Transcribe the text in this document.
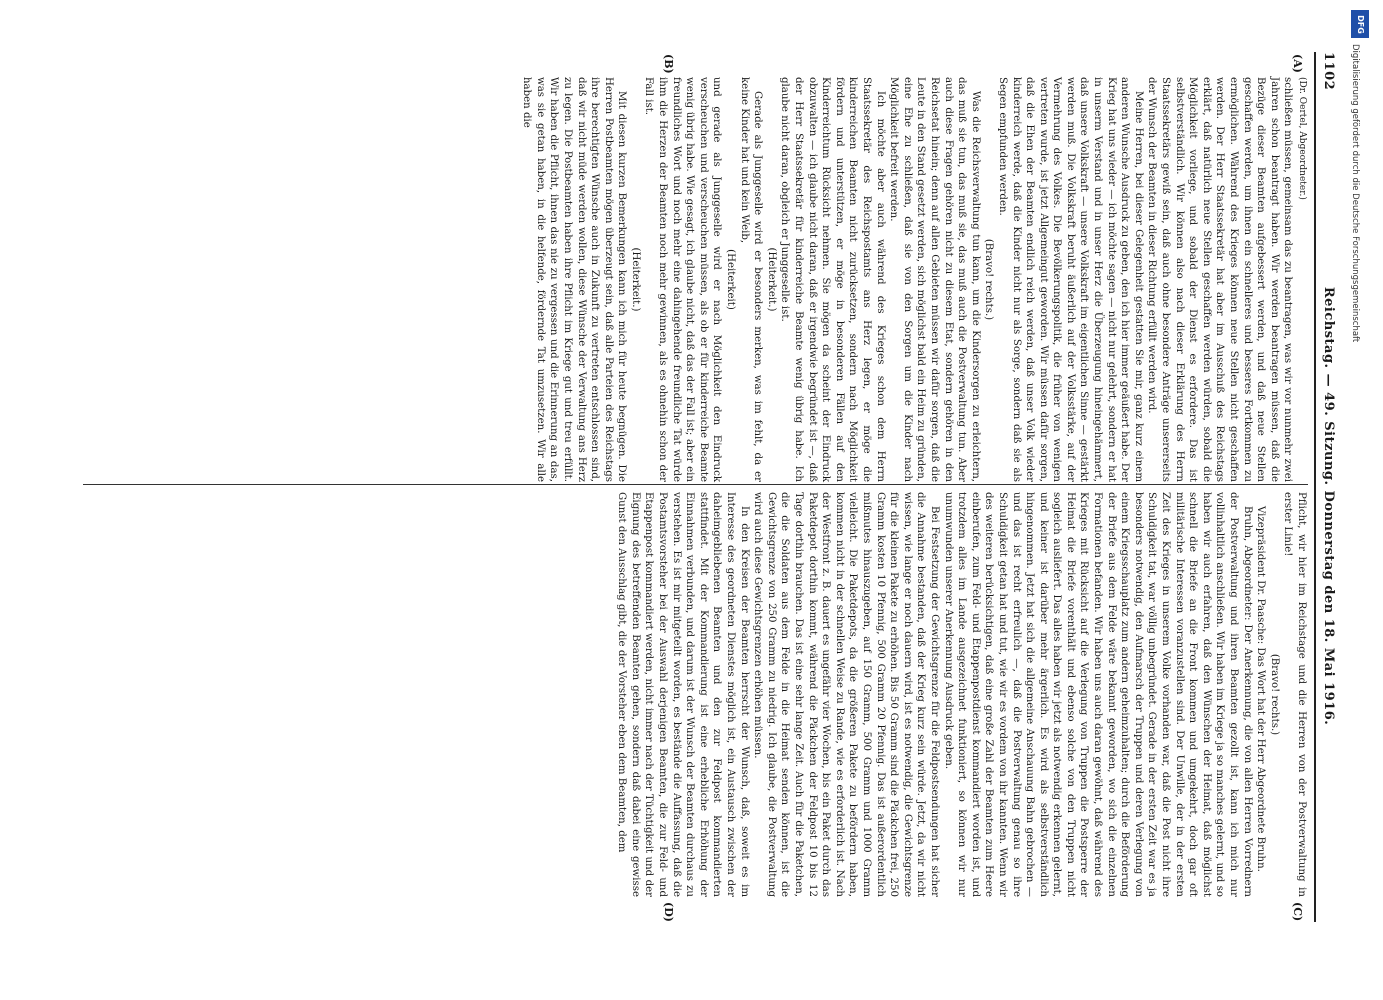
1102
Reichstag. — 49. Sitzung. Donnerstag den 18. Mai 1916.
(A)
(B)
(C)
(D)

(Dr. Oertel, Abgeordneter.)

schließen müssen, gemeinsam das zu beantragen, was wir vor nunmehr zwei Jahren schon beantragt haben. Wir werden beantragen müssen, daß die Bezüge dieser Beamten aufgebessert werden, und daß neue Stellen geschaffen werden, um ihnen ein schnelleres und besseres Fortkommen zu ermöglichen. Während des Krieges können neue Stellen nicht geschaffen werden. Der Herr Staatssekretär hat aber im Ausschuß des Reichstags erklärt, daß natürlich neue Stellen geschaffen werden würden, sobald die Möglichkeit vorliege, und sobald der Dienst es erfordere. Das ist selbstverständlich. Wir können also nach dieser Erklärung des Herrn Staatssekretärs gewiß sein, daß auch ohne besondere Anträge unsererseits der Wunsch der Beamten in dieser Richtung erfüllt werden wird.

Meine Herren, bei dieser Gelegenheit gestatten Sie mir, ganz kurz einem anderen Wunsche Ausdruck zu geben, den ich hier immer geäußert habe. Der Krieg hat uns wieder — ich möchte sagen — nicht nur gelehrt, sondern er hat in unserm Verstand und in unser Herz die Überzeugung hineingehämmert, daß unsere Volkskraft — unsere Volkskraft im eigentlichen Sinne — gestärkt werden muß. Die Volkskraft beruht äußerlich auf der Volksstärke, auf der Vermehrung des Volkes. Die Bevölkerungspolitik, die früher von wenigen vertreten wurde, ist jetzt Allgemeingut geworden. Wir müssen dafür sorgen, daß die Ehen der Beamten endlich reich werden, daß unser Volk wieder kinderreich werde, daß die Kinder nicht nur als Sorge, sondern daß sie als Segen empfunden werden.

(Bravo! rechts.)

Was die Reichsverwaltung tun kann, um die Kindersorgen zu erleichtern, das muß sie tun, das muß sie, das muß auch die Postverwaltung tun. Aber auch diese Fragen gehören nicht zu diesem Etat, sondern gehören in den Reichsetat hinein; denn auf allen Gebieten müssen wir dafür sorgen, daß die Leute in den Stand gesetzt werden, sich möglichst bald ein Heim zu gründen, eine Ehe zu schließen, daß sie von den Sorgen um die Kinder nach Möglichkeit befreit werden.

Ich möchte aber auch während des Krieges schon dem Herrn Staatssekretär des Reichspostamts ans Herz legen, er möge die kinderreichen Beamten nicht zurücksetzen, sondern nach Möglichkeit fördern und unterstützen, er möge in besonderen Fällen auf den Kinderreichtum Rücksicht nehmen. Sie mögen da scheint der Eindruck obzuwalten — ich glaube nicht daran, daß er irgendwie begründet ist —, daß der Herr Staatssekretär für kinderreiche Beamte wenig übrig habe. Ich glaube nicht daran, obgleich er Junggeselle ist.

(Heiterkeit.)

Gerade als Junggeselle wird er besonders merken, was im fehlt, da er keine Kinder hat und kein Weib,

(Heiterkeit)

und gerade als Junggeselle wird er nach Möglichkeit den Eindruck verscheuchen und verscheuchen müssen, als ob er für kinderreiche Beamte wenig übrig habe. Wie gesagt, ich glaube nicht, daß das der Fall ist; aber ein freundliches Wort und noch mehr eine dahingehende freundliche Tat würde ihm die Herzen der Beamten noch mehr gewinnen, als es ohnehin schon der Fall ist.

(Heiterkeit.)

Mit diesen kurzen Bemerkungen kann ich mich für heute begnügen. Die Herren Postbeamten mögen überzeugt sein, daß alle Parteien des Reichstags ihre berechtigten Wünsche auch in Zukunft zu vertreten entschlossen sind, daß wir nicht müde werden wollen, diese Wünsche der Verwaltung ans Herz zu legen. Die Postbeamten haben ihre Pflicht im Kriege gut und treu erfüllt. Wir haben die Pflicht, ihnen das nie zu vergessen und die Erinnerung an das, was sie getan haben, in die helfende, fördernde Tat umzusetzen. Wir alle haben die

Pflicht, wir hier im Reichstage und die Herren von der Postverwaltung in erster Linie!

(Bravo! rechts.)

Vizepräsident Dr. Paasche: Das Wort hat der Herr Abgeordnete Bruhn.

Bruhn, Abgeordneter: Der Anerkennung, die von allen Herren Vorrednern der Postverwaltung und ihren Beamten gezollt ist, kann ich mich nur vollinhaltlich anschließen. Wir haben im Kriege ja so manches gelernt, und so haben wir auch erfahren, daß den Wünschen der Heimat, daß möglichst schnell die Briefe an die Front kommen und umgekehrt, doch gar oft militärische Interessen voranzustellen sind. Der Unwille, der in der ersten Zeit des Krieges in unserem Volke vorhanden war, daß die Post nicht ihre Schuldigkeit tat, war völlig unbegründet. Gerade in der ersten Zeit war es ja besonders notwendig, den Aufmarsch der Truppen und deren Verlegung von einem Kriegsschauplatz zum andern geheimzuhalten; durch die Beförderung der Briefe aus dem Felde wäre bekannt geworden, wo sich die einzelnen Formationen befanden. Wir haben uns auch daran gewöhnt, daß während des Krieges mit Rücksicht auf die Verlegung von Truppen die Postsperre der Heimat die Briefe vorenthält und ebenso solche von den Truppen nicht sogleich ausliefert. Das alles haben wir jetzt als notwendig erkennen gelernt, und keiner ist darüber mehr ärgerlich. Es wird als selbstverständlich hingenommen. Jetzt hat sich die allgemeine Anschauung Bahn gebrochen — und das ist recht erfreulich —, daß die Postverwaltung genau so ihre Schuldigkeit getan hat und tut, wie wir es vordem von ihr kannten. Wenn wir des weiteren berücksichtigen, daß eine große Zahl der Beamten zum Heere einberufen, zum Feld- und Etappenpostdienst kommandiert worden ist, und trotzdem alles im Lande ausgezeichnet funktioniert, so können wir nur unumwunden unserer Anerkennung Ausdruck geben.

Bei Festsetzung der Gewichtsgrenze für die Feldpostsendungen hat sicher die Annahme bestanden, daß der Krieg kurz sein würde. Jetzt, da wir nicht wissen, wie lange er noch dauern wird, ist es notwendig, die Gewichtsgrenze für die kleinen Pakete zu erhöhen. Bis 50 Gramm sind die Päckchen frei, 250 Gramm kosten 10 Pfennig, 500 Gramm 20 Pfennig. Das ist außerordentlich mißmutes hinauszugeben, auf 150 Gramm, 500 Gramm und 1000 Gramm vielleicht. Die Paketdepots, da die größeren Pakete zu befördern haben, kommen nicht in der schnellen Weise zu Rande, wie es erforderlich ist. Nach der Westfront z. B. dauert es ungefähr vier Wochen, bis ein Paket durch das Paketdepot dorthin kommt, während die Päckchen der Feldpost 10 bis 12 Tage dorthin brauchen. Das ist eine sehr lange Zeit. Auch für die Paketchen, die die Soldaten aus dem Felde in die Heimat senden können, ist die Gewichtsgrenze von 250 Gramm zu niedrig. Ich glaube, die Postverwaltung wird auch diese Gewichtsgrenzen erhöhen müssen.

In den Kreisen der Beamten herrscht der Wunsch, daß, soweit es im Interesse des geordneten Dienstes möglich ist, ein Austausch zwischen der daheimgebliebenen Beamten und den zur Feldpost kommandierten stattfindet. Mit der Kommandierung ist eine erhebliche Erhöhung der Einnahmen verbunden, und darum ist der Wunsch der Beamten durchaus zu verstehen. Es ist mir mitgeteilt worden, es bestände die Auffassung, daß die Postamtsvorsteher bei der Auswahl derjenigen Beamten, die zur Feld- und Etappenpost kommandiert werden, nicht immer nach der Tüchtigkeit und der Eignung des betreffenden Beamten gehen, sondern daß dabei eine gewisse Gunst den Ausschlag gibt, die der Vorsteher eben dem Beamten, dem

DFG
Digitalisierung gefördert durch die Deutsche Forschungsgemeinschaft
